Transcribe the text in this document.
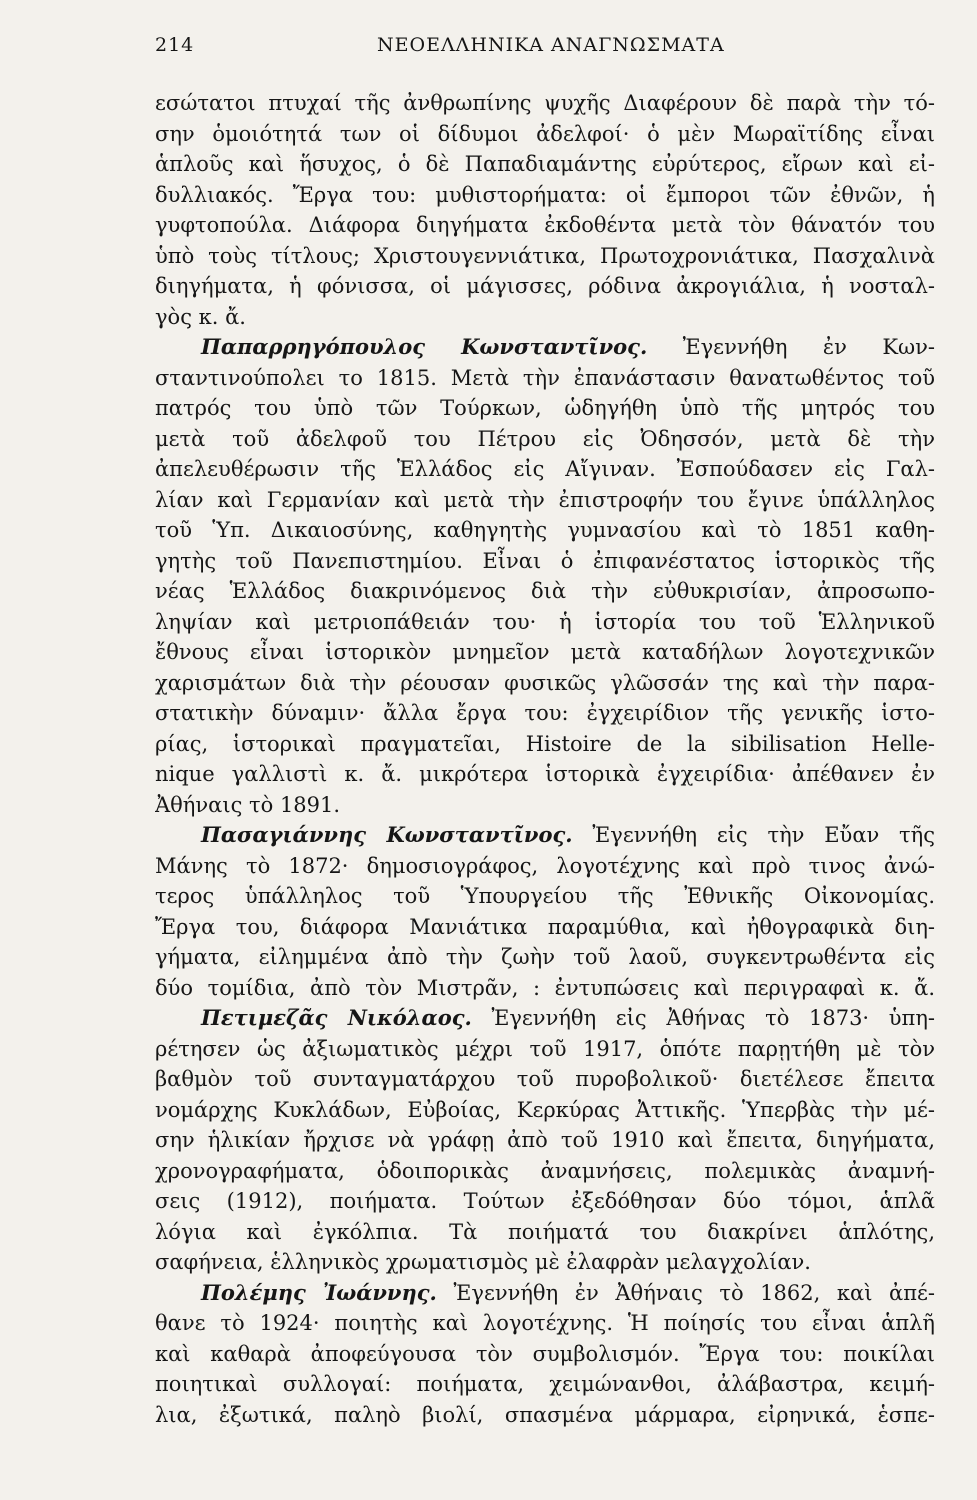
214	ΝΕΟΕΛΛΗΝΙΚΑ ΑΝΑΓΝΩΣΜΑΤΑ
εσώτατοι πτυχαί τῆς ἀνθρωπίνης ψυχῆς Διαφέρουν δὲ παρὰ τὴν τό-
σην ὁμοιότητά των οἱ δίδυμοι ἀδελφοί· ὁ μὲν Μωραϊτίδης εἶναι
ἁπλοῦς καὶ ἥσυχος, ὁ δὲ Παπαδιαμάντης εὐρύτερος, εἴρων καὶ εἰ-
δυλλιακός. Ἔργα του: μυθιστορήματα: οἱ ἔμποροι τῶν ἐθνῶν, ἡ
γυφτοπούλα. Διάφορα διηγήματα ἐκδοθέντα μετὰ τὸν θάνατόν του
ὑπὸ τοὺς τίτλους; Χριστουγεννιάτικα, Πρωτοχρονιάτικα, Πασχαλινὰ
διηγήματα, ἡ φόνισσα, οἱ μάγισσες, ρόδινα ἀκρογιάλια, ἡ νοσταλ-
γὸς κ. ἄ.
Παπαρρηγόπουλος Κωνσταντῖνος. Ἐγεννήθη ἐν Κων-
σταντινούπολει το 1815. Μετὰ τὴν ἐπανάστασιν θανατωθέντος τοῦ
πατρός του ὑπὸ τῶν Τούρκων, ὡδηγήθη ὑπὸ τῆς μητρός του
μετὰ τοῦ ἀδελφοῦ του Πέτρου εἰς Ὀδησσόν, μετὰ δὲ τὴν
ἀπελευθέρωσιν τῆς Ἑλλάδος εἰς Αἴγιναν. Ἐσπούδασεν εἰς Γαλ-
λίαν καὶ Γερμανίαν καὶ μετὰ τὴν ἐπιστροφήν του ἔγινε ὑπάλληλος
τοῦ Ὑπ. Δικαιοσύνης, καθηγητὴς γυμνασίου καὶ τὸ 1851 καθη-
γητὴς τοῦ Πανεπιστημίου. Εἶναι ὁ ἐπιφανέστατος ἱστορικὸς τῆς
νέας Ἑλλάδος διακρινόμενος διὰ τὴν εὐθυκρισίαν, ἀπροσωπο-
ληψίαν καὶ μετριοπάθειάν του· ἡ ἱστορία του τοῦ Ἑλληνικοῦ
ἔθνους εἶναι ἱστορικὸν μνημεῖον μετὰ καταδήλων λογοτεχνικῶν
χαρισμάτων διὰ τὴν ρέουσαν φυσικῶς γλῶσσάν της καὶ τὴν παρα-
στατικὴν δύναμιν· ἄλλα ἔργα του: ἐγχειρίδιον τῆς γενικῆς ἱστο-
ρίας, ἱστορικαὶ πραγματεῖαι, Histoire de la sibilisation Helle-
nique γαλλιστὶ κ. ἄ. μικρότερα ἱστορικὰ ἐγχειρίδια· ἀπέθανεν ἐν
Ἀθήναις τὸ 1891.
Πασαγιάννης Κωνσταντῖνος. Ἐγεννήθη εἰς τὴν Εὔαν τῆς
Μάνης τὸ 1872· δημοσιογράφος, λογοτέχνης καὶ πρὸ τινος ἀνώ-
τερος ὑπάλληλος τοῦ Ὑπουργείου τῆς Ἐθνικῆς Οἰκονομίας.
Ἔργα του, διάφορα Μανιάτικα παραμύθια, καὶ ἠθογραφικὰ διη-
γήματα, εἰλημμένα ἀπὸ τὴν ζωὴν τοῦ λαοῦ, συγκεντρωθέντα εἰς
δύο τομίδια, ἀπὸ τὸν Μιστρᾶν, : ἐντυπώσεις καὶ περιγραφαὶ κ. ἄ.
Πετιμεζᾶς Νικόλαος. Ἐγεννήθη εἰς Ἀθήνας τὸ 1873· ὑπη-
ρέτησεν ὡς ἀξιωματικὸς μέχρι τοῦ 1917, ὁπότε παρῃτήθη μὲ τὸν
βαθμὸν τοῦ συνταγματάρχου τοῦ πυροβολικοῦ· διετέλεσε ἔπειτα
νομάρχης Κυκλάδων, Εὐβοίας, Κερκύρας Ἀττικῆς. Ὑπερβὰς τὴν μέ-
σην ἡλικίαν ἤρχισε νὰ γράφῃ ἀπὸ τοῦ 1910 καὶ ἔπειτα, διηγήματα,
χρονογραφήματα, ὁδοιπορικὰς ἀναμνήσεις, πολεμικὰς ἀναμνή-
σεις (1912), ποιήματα. Τούτων ἐξεδόθησαν δύο τόμοι, ἁπλᾶ
λόγια καὶ ἐγκόλπια. Τὰ ποιήματά του διακρίνει ἁπλότης,
σαφήνεια, ἑλληνικὸς χρωματισμὸς μὲ ἐλαφρὰν μελαγχολίαν.
Πολέμης Ἰωάννης. Ἐγεννήθη ἐν Ἀθήναις τὸ 1862, καὶ ἀπέ-
θανε τὸ 1924· ποιητὴς καὶ λογοτέχνης. Ἡ ποίησίς του εἶναι ἁπλῆ
καὶ καθαρὰ ἀποφεύγουσα τὸν συμβολισμόν. Ἔργα του: ποικίλαι
ποιητικαὶ συλλογαί: ποιήματα, χειμώνανθοι, ἀλάβαστρα, κειμή-
λια, ἐξωτικά, παληὸ βιολί, σπασμένα μάρμαρα, εἰρηνικά, ἑσπε-
